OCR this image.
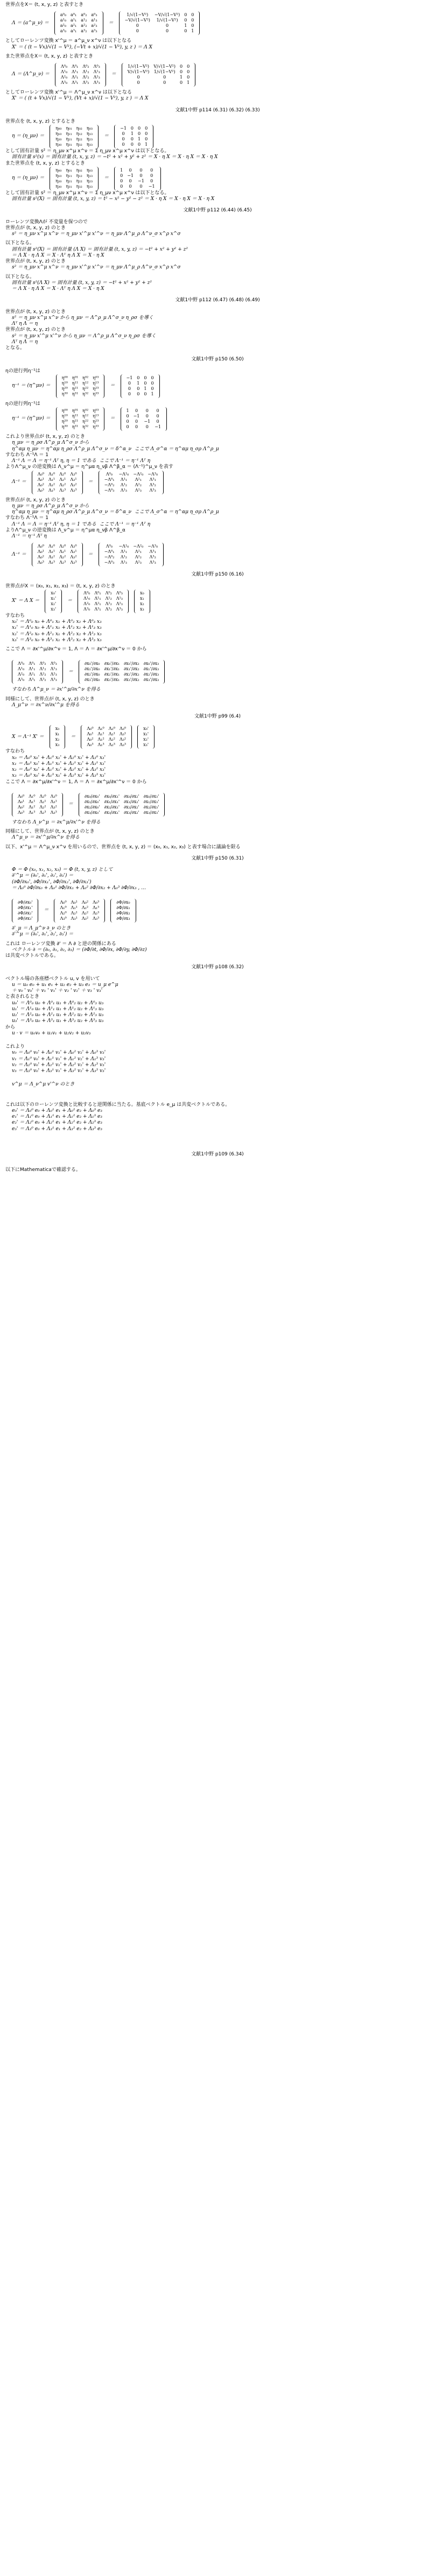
世界点をX＝ (t, x, y, z) と表すとき
Λ ＝ (a^μ_ν) ＝
a⁰₀	a⁰₁	a⁰₂	a⁰₃
a¹₀	a¹₁	a¹₂	a¹₃
a²₀	a²₁	a²₂	a²₃
a³₀	a³₁	a³₂	a³₃
＝
1/√(1−V²)	−V/√(1−V²)	0	0
−V/√(1−V²)	1/√(1−V²)	0	0
0	0	1	0
0	0	0	1
としてローレンツ変換 x'^μ ＝ a^μ_ν x^ν は以下となる
X' ＝ ( (t − Vx)/√(1 − V²), (−Vt + x)/√(1 − V²), y, z ) ＝ Λ X
また世界点をX＝ (t, x, y, z) と表すとき
Λ ＝ (Λ^μ_ν) ＝
Λ⁰₀	Λ⁰₁	Λ⁰₂	Λ⁰₃
Λ¹₀	Λ¹₁	Λ¹₂	Λ¹₃
Λ²₀	Λ²₁	Λ²₂	Λ²₃
Λ³₀	Λ³₁	Λ³₂	Λ³₃
＝
1/√(1−V²)	V/√(1−V²)	0	0
V/√(1−V²)	1/√(1−V²)	0	0
0	0	1	0
0	0	0	1
としてローレンツ変換 x'^μ ＝ Λ^μ_ν x^ν は以下となる
X' ＝ ( (t + Vx)/√(1 − V²), (Vt + x)/√(1 − V²), y, z ) ＝ Λ X
文献1中野 p114 (6.31) (6.32) (6.33)
世界点を (t, x, y, z) とするとき
η ＝ (η_μν) ＝
η₀₀	η₀₁	η₀₂	η₀₃
η₁₀	η₁₁	η₁₂	η₁₃
η₂₀	η₂₁	η₂₂	η₂₃
η₃₀	η₃₁	η₃₂	η₃₃
＝
−1	0	0	0
0	1	0	0
0	0	1	0
0	0	0	1
として固有計量 s² ＝ η_μν x^μ x^ν ＝ Σ η_μν x^μ x^ν は以下となる。
固有計量 s²(x) ＝ 固有計量 (t, x, y, z) ＝ −t² + x² + y² + z² ＝ X · η X ＝ X · η X ＝ X · η X
また世界点を (t, x, y, z) とするとき
η ＝ (η_μν) ＝
η₀₀	η₀₁	η₀₂	η₀₃
η₁₀	η₁₁	η₁₂	η₁₃
η₂₀	η₂₁	η₂₂	η₂₃
η₃₀	η₃₁	η₃₂	η₃₃
＝
1	0	0	0
0	−1	0	0
0	0	−1	0
0	0	0	−1
として固有計量 s² ＝ η_μν x^μ x^ν ＝ Σ η_μν x^μ x^ν は以下となる。
固有計量 s²(X) ＝ 固有計量 (t, x, y, z) ＝ t² − x² − y² − z² ＝ X · η X ＝ X · η X ＝ X · η X
文献1中野 p112 (6.44) (6.45)
ローレンツ変換Λが 不変量を保つので
世界点が (t, x, y, z) のとき
s² ＝ η_μν x^μ x^ν ＝ η_μν x'^μ x'^ν ＝ η_μν Λ^μ_ρ Λ^ν_σ x^ρ x^σ
以下となる。
固有計量 s²(X) ＝ 固有計量 (Λ X) ＝ 固有計量 (t, x, y, z) ＝ −t² + x² + y² + z²
＝ Λ X · η Λ X ＝ X · Λᵀ η Λ X ＝ X · η X
世界点が (t, x, y, z) のとき
s² ＝ η_μν x^μ x^ν ＝ η_μν x'^μ x'^ν ＝ η_μν Λ^μ_ρ Λ^ν_σ x^ρ x^σ
以下となる。
固有計量 s²(Λ X) ＝ 固有計量 (t, x, y, z) ＝ −t² + x² + y² + z²
＝ Λ X · η Λ X ＝ X · Λᵀ η Λ X ＝ X · η X
文献1中野 p112 (6.47) (6.48) (6.49)
世界点が (t, x, y, z) のとき
s² ＝ η_μν x^μ x^ν から η_μν ＝ Λ^ρ_μ Λ^σ_ν η_ρσ を導く
Λᵀ η Λ ＝ η
世界点が (t, x, y, z) のとき
s² ＝ η_μν x'^μ x'^ν から η_μν ＝ Λ^ρ_μ Λ^σ_ν η_ρσ を導く
Λᵀ η Λ ＝ η
となる。
文献1中野 p150 (6.50)
ηの逆行列η⁻¹は
η⁻¹ ＝ (η^μν) ＝
η⁰⁰	η⁰¹	η⁰²	η⁰³
η¹⁰	η¹¹	η¹²	η¹³
η²⁰	η²¹	η²²	η²³
η³⁰	η³¹	η³²	η³³
＝
−1	0	0	0
0	1	0	0
0	0	1	0
0	0	0	1
ηの逆行列η⁻¹は
η⁻¹ ＝ (η^μν) ＝
η⁰⁰	η⁰¹	η⁰²	η⁰³
η¹⁰	η¹¹	η¹²	η¹³
η²⁰	η²¹	η²²	η²³
η³⁰	η³¹	η³²	η³³
＝
1	0	0	0
0	−1	0	0
0	0	−1	0
0	0	0	−1
これより世界点が (t, x, y, z) のとき
η_μν ＝ η_ρσ Λ^ρ_μ Λ^σ_ν から
η^αμ η_μν ＝ η^αμ η_ρσ Λ^ρ_μ Λ^σ_ν ＝ δ^α_ν  ここで Λ_σ^α ＝ η^αμ η_σρ Λ^ρ_μ
すなわち Λ⁻¹Λ ＝ 1
Λ⁻¹ Λ ＝ Λ ＝ η⁻¹ Λᵀ η, η ＝ 1 である  ここで Λ⁻¹ ＝ η⁻¹ Λᵀ η
よりΛ^μ_ν の逆変換は Λ_ν^μ ＝ η^μα η_νβ Λ^β_α ＝ (Λ⁻¹)^μ_ν を表す
Λ⁻¹ ＝
Λ₀⁰	Λ₁⁰	Λ₂⁰	Λ₃⁰
Λ₀¹	Λ₁¹	Λ₂¹	Λ₃¹
Λ₀²	Λ₁²	Λ₂²	Λ₃²
Λ₀³	Λ₁³	Λ₂³	Λ₃³
＝
Λ⁰₀	−Λ¹₀	−Λ²₀	−Λ³₀
−Λ⁰₁	Λ¹₁	Λ²₁	Λ³₁
−Λ⁰₂	Λ¹₂	Λ²₂	Λ³₂
−Λ⁰₃	Λ¹₃	Λ²₃	Λ³₃
世界点が (t, x, y, z) のとき
η_μν ＝ η_ρσ Λ^ρ_μ Λ^σ_ν から
η^αμ η_μν ＝ η^αμ η_ρσ Λ^ρ_μ Λ^σ_ν ＝ δ^α_ν  ここで Λ_σ^α ＝ η^αμ η_σρ Λ^ρ_μ
すなわち Λ⁻¹Λ ＝ 1
Λ⁻¹ Λ ＝ Λ ＝ η⁻¹ Λᵀ η, η ＝ 1 である  ここで Λ⁻¹ ＝ η⁻¹ Λᵀ η
よりΛ^μ_ν の逆変換は Λ_ν^μ ＝ η^μα η_νβ Λ^β_α
Λ⁻¹ ＝ η⁻¹ Λᵀ η
Λ⁻¹ ＝
Λ₀⁰	Λ₁⁰	Λ₂⁰	Λ₃⁰
Λ₀¹	Λ₁¹	Λ₂¹	Λ₃¹
Λ₀²	Λ₁²	Λ₂²	Λ₃²
Λ₀³	Λ₁³	Λ₂³	Λ₃³
＝
Λ⁰₀	−Λ¹₀	−Λ²₀	−Λ³₀
−Λ⁰₁	Λ¹₁	Λ²₁	Λ³₁
−Λ⁰₂	Λ¹₂	Λ²₂	Λ³₂
−Λ⁰₃	Λ¹₃	Λ²₃	Λ³₃
文献1中野 p150 (6.16)
世界点がX ＝ (x₀, x₁, x₂, x₃) ＝ (t, x, y, z) のとき
X' ＝ Λ X ＝
x₀'
x₁'
x₂'
x₃'
＝
Λ⁰₀	Λ⁰₁	Λ⁰₂	Λ⁰₃
Λ¹₀	Λ¹₁	Λ¹₂	Λ¹₃
Λ²₀	Λ²₁	Λ²₂	Λ²₃
Λ³₀	Λ³₁	Λ³₂	Λ³₃
x₀
x₁
x₂
x₃
すなわち
x₀' ＝ Λ⁰₀ x₀ + Λ⁰₁ x₁ + Λ⁰₂ x₂ + Λ⁰₃ x₃
x₁' ＝ Λ¹₀ x₀ + Λ¹₁ x₁ + Λ¹₂ x₂ + Λ¹₃ x₃
x₂' ＝ Λ²₀ x₀ + Λ²₁ x₁ + Λ²₂ x₂ + Λ²₃ x₃
x₃' ＝ Λ³₀ x₀ + Λ³₁ x₁ + Λ³₂ x₂ + Λ³₃ x₃
ここで Λ ＝ ∂x'^μ/∂x^ν ＝ 1, Λ ＝ Λ ＝ ∂x'^μ/∂x^ν ＝ 0 から
Λ⁰₀	Λ⁰₁	Λ⁰₂	Λ⁰₃
Λ¹₀	Λ¹₁	Λ¹₂	Λ¹₃
Λ²₀	Λ²₁	Λ²₂	Λ²₃
Λ³₀	Λ³₁	Λ³₂	Λ³₃
＝
∂x₀'/∂x₀	∂x₀'/∂x₁	∂x₀'/∂x₂	∂x₀'/∂x₃
∂x₁'/∂x₀	∂x₁'/∂x₁	∂x₁'/∂x₂	∂x₁'/∂x₃
∂x₂'/∂x₀	∂x₂'/∂x₁	∂x₂'/∂x₂	∂x₂'/∂x₃
∂x₃'/∂x₀	∂x₃'/∂x₁	∂x₃'/∂x₂	∂x₃'/∂x₃
すなわち Λ^μ_ν ＝ ∂x'^μ/∂x^ν を得る
同様にして、世界点が (t, x, y, z) のとき
Λ_μ^ν ＝ ∂x^ν/∂x'^μ を得る
文献1中野 p99 (6.4)
X ＝ Λ⁻¹ X' ＝
x₀
x₁
x₂
x₃
＝
Λ₀⁰	Λ₁⁰	Λ₂⁰	Λ₃⁰
Λ₀¹	Λ₁¹	Λ₂¹	Λ₃¹
Λ₀²	Λ₁²	Λ₂²	Λ₃²
Λ₀³	Λ₁³	Λ₂³	Λ₃³
x₀'
x₁'
x₂'
x₃'
すなわち
x₀ ＝ Λ₀⁰ x₀' + Λ₁⁰ x₁' + Λ₂⁰ x₂' + Λ₃⁰ x₃'
x₁ ＝ Λ₀¹ x₀' + Λ₁¹ x₁' + Λ₂¹ x₂' + Λ₃¹ x₃'
x₂ ＝ Λ₀² x₀' + Λ₁² x₁' + Λ₂² x₂' + Λ₃² x₃'
x₃ ＝ Λ₀³ x₀' + Λ₁³ x₁' + Λ₂³ x₂' + Λ₃³ x₃'
ここで Λ ＝ ∂x^μ/∂x'^ν ＝ 1, Λ ＝ Λ ＝ ∂x^μ/∂x'^ν ＝ 0 から
Λ₀⁰	Λ₁⁰	Λ₂⁰	Λ₃⁰
Λ₀¹	Λ₁¹	Λ₂¹	Λ₃¹
Λ₀²	Λ₁²	Λ₂²	Λ₃²
Λ₀³	Λ₁³	Λ₂³	Λ₃³
＝
∂x₀/∂x₀'	∂x₀/∂x₁'	∂x₀/∂x₂'	∂x₀/∂x₃'
∂x₁/∂x₀'	∂x₁/∂x₁'	∂x₁/∂x₂'	∂x₁/∂x₃'
∂x₂/∂x₀'	∂x₂/∂x₁'	∂x₂/∂x₂'	∂x₂/∂x₃'
∂x₃/∂x₀'	∂x₃/∂x₁'	∂x₃/∂x₂'	∂x₃/∂x₃'
すなわち Λ_ν^μ ＝ ∂x^μ/∂x'^ν を得る
同様にして、世界点が (t, x, y, z) のとき
Λ^μ_ν ＝ ∂x'^μ/∂x^ν を得る
以下、x'^μ ＝ Λ^μ_ν x^ν を用いるので、世界点を (t, x, y, z) ＝ (x₀, x₁, x₂, x₃) と表す場合に議論を限る
文献1中野 p150 (6.31)
Φ ＝ Φ (x₀, x₁, x₂, x₃) ＝ Φ (t, x, y, z) として
∂'^μ ＝ (∂₀', ∂₁', ∂₂', ∂₃') ＝
(∂Φ/∂x₀', ∂Φ/∂x₁', ∂Φ/∂x₂', ∂Φ/∂x₃')
＝ Λ₀⁰ ∂Φ/∂x₀ + Λ₀¹ ∂Φ/∂x₁ + Λ₀² ∂Φ/∂x₂ + Λ₀³ ∂Φ/∂x₃ , …
∂Φ/∂x₀'
∂Φ/∂x₁'
∂Φ/∂x₂'
∂Φ/∂x₃'
＝
Λ₀⁰	Λ₀¹	Λ₀²	Λ₀³
Λ₁⁰	Λ₁¹	Λ₁²	Λ₁³
Λ₂⁰	Λ₂¹	Λ₂²	Λ₂³
Λ₃⁰	Λ₃¹	Λ₃²	Λ₃³
∂Φ/∂x₀
∂Φ/∂x₁
∂Φ/∂x₂
∂Φ/∂x₃
∂'_μ ＝ Λ_μ^ν ∂_ν のとき
∂'^μ ＝ (∂₀', ∂₁', ∂₂', ∂₃') ＝
これは ローレンツ変換 ∂' ＝ Λ ∂ と逆の関係にある
ベクトル ∂ ＝ (∂₀, ∂₁, ∂₂, ∂₃) ＝ (∂Φ/∂t, ∂Φ/∂x, ∂Φ/∂y, ∂Φ/∂z)
は共変ベクトルである。
文献1中野 p108 (6.32)
ベクトル場の各座標ベクトル u, v を用いて
u ＝ u₀ e₀ + u₁ e₁ + u₂ e₂ + u₃ e₃ ＝ u_μ e^μ
＋ v₀ ' v₀' ＋ v₁ ' v₁' ＋ v₂ ' v₂' ＋ v₃ ' v₃'
と表されるとき
u₀' ＝ Λ⁰₀ u₀ + Λ⁰₁ u₁ + Λ⁰₂ u₂ + Λ⁰₃ u₃
u₁' ＝ Λ¹₀ u₀ + Λ¹₁ u₁ + Λ¹₂ u₂ + Λ¹₃ u₃
u₂' ＝ Λ²₀ u₀ + Λ²₁ u₁ + Λ²₂ u₂ + Λ²₃ u₃
u₃' ＝ Λ³₀ u₀ + Λ³₁ u₁ + Λ³₂ u₂ + Λ³₃ u₃
から
u · v ＝ u₀v₀ + u₁v₁ + u₂v₂ + u₃v₃
これより
v₀ ＝ Λ₀⁰ v₀' + Λ₀¹ v₁' + Λ₀² v₂' + Λ₀³ v₃'
v₁ ＝ Λ₁⁰ v₀' + Λ₁¹ v₁' + Λ₁² v₂' + Λ₁³ v₃'
v₂ ＝ Λ₂⁰ v₀' + Λ₂¹ v₁' + Λ₂² v₂' + Λ₂³ v₃'
v₃ ＝ Λ₃⁰ v₀' + Λ₃¹ v₁' + Λ₃² v₂' + Λ₃³ v₃'
v^μ ＝ Λ_ν^μ v'^ν のとき
これは以下のローレンツ変換と比較すると逆関係に当たる。基底ベクトル e_μ は共変ベクトルである。
e₀' ＝ Λ₀⁰ e₀ + Λ₀¹ e₁ + Λ₀² e₂ + Λ₀³ e₃
e₁' ＝ Λ₁⁰ e₀ + Λ₁¹ e₁ + Λ₁² e₂ + Λ₁³ e₃
e₂' ＝ Λ₂⁰ e₀ + Λ₂¹ e₁ + Λ₂² e₂ + Λ₂³ e₃
e₃' ＝ Λ₃⁰ e₀ + Λ₃¹ e₁ + Λ₃² e₂ + Λ₃³ e₃
文献1中野 p109 (6.34)
以下にMathematicaで確認する。
